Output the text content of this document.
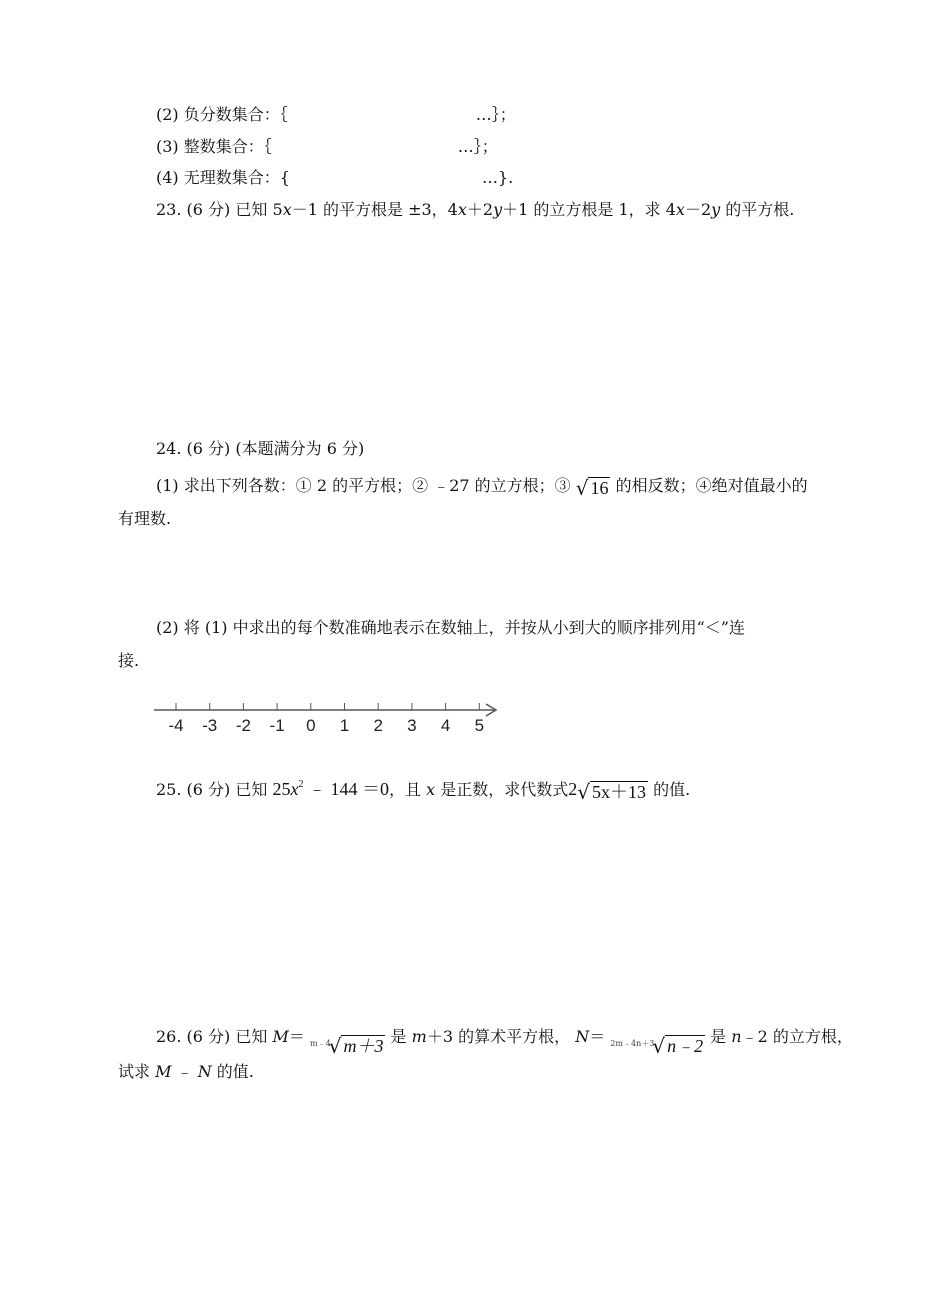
(2) 负分数集合：｛	…｝；
(3) 整数集合：｛	…｝；
(4) 无理数集合：{	…}.
23. (6 分) 已知 5x－1 的平方根是 ±3，4x＋2y＋1 的立方根是 1，求 4x－2y 的平方根.
24. (6 分) (本题满分为 6 分)
(1) 求出下列各数：① 2 的平方根；② ﹣27 的立方根；③ √ 16 的相反数；④绝对值最小的
有理数.
(2) 将 (1) 中求出的每个数准确地表示在数轴上，并按从小到大的顺序排列用“＜”连
接.
-4 -3 -2 -1 0 1 2 3 4 5
25. (6 分) 已知 $25x^2$ ﹣ 144 ＝0，且 x 是正数，求代数式2 √ 5x＋13 的值.
26. (6 分) 已知 M＝ m﹣4
√ m＋3 是 m＋3 的算术平方根， N＝ 2m﹣4n＋3
√ n﹣2 是 n﹣2 的立方根，
试求 M ﹣ N 的值.
